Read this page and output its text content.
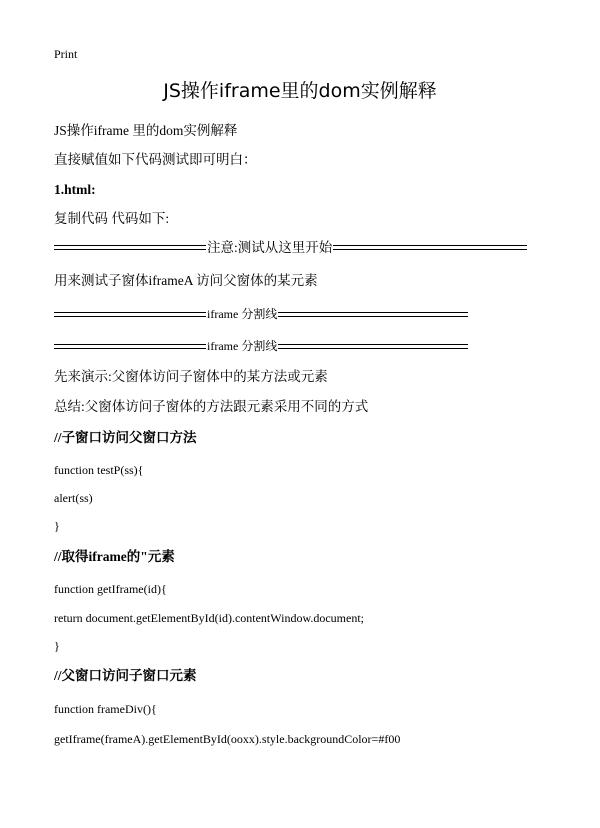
Print
JS操作iframe里的dom实例解释
JS操作iframe 里的dom实例解释
直接赋值如下代码测试即可明白：
1.html:
复制代码 代码如下:
注意:测试从这里开始
用来测试子窗体iframeA 访问父窗体的某元素
iframe 分割线
iframe 分割线
先来演示:父窗体访问子窗体中的某方法或元素
总结:父窗体访问子窗体的方法跟元素采用不同的方式
//子窗口访问父窗口方法
function testP(ss){
alert(ss)
}
//取得iframe的"元素
function getIframe(id){
return document.getElementById(id).contentWindow.document;
}
//父窗口访问子窗口元素
function frameDiv(){
getIframe(frameA).getElementById(ooxx).style.backgroundColor=#f00
